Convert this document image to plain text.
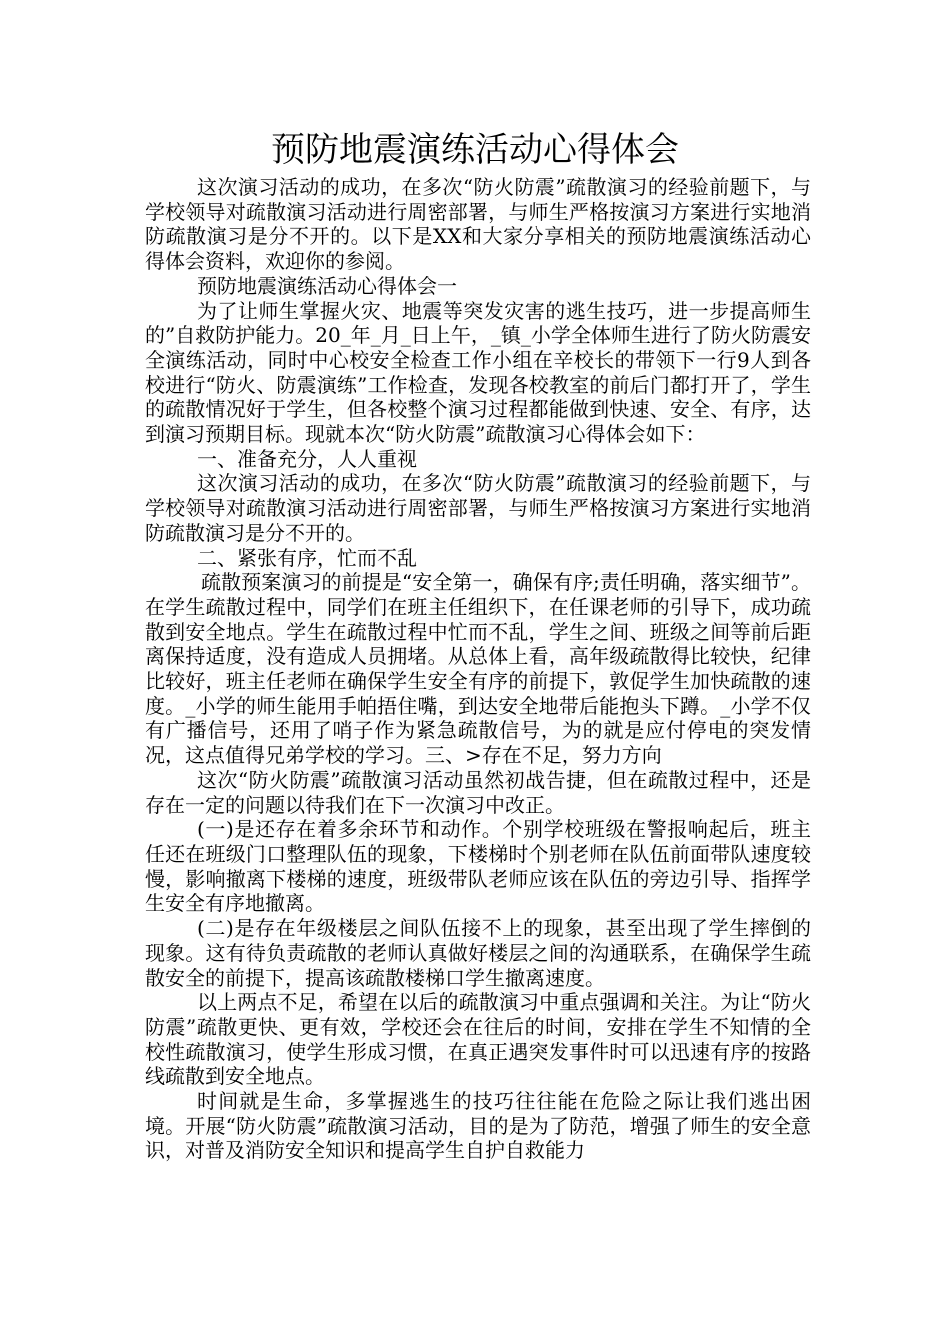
预防地震演练活动心得体会

这次演习活动的成功，在多次“防火防震”疏散演习的经验前题下，与学校领导对疏散演习活动进行周密部署，与师生严格按演习方案进行实地消防疏散演习是分不开的。以下是XX和大家分享相关的预防地震演练活动心得体会资料，欢迎你的参阅。

预防地震演练活动心得体会一

为了让师生掌握火灾、地震等突发灾害的逃生技巧，进一步提高师生的”自救防护能力。20_年_月_日上午，_镇_小学全体师生进行了防火防震安全演练活动，同时中心校安全检查工作小组在辛校长的带领下一行9人到各校进行“防火、防震演练”工作检查，发现各校教室的前后门都打开了，学生的疏散情况好于学生，但各校整个演习过程都能做到快速、安全、有序，达到演习预期目标。现就本次“防火防震”疏散演习心得体会如下：

一、准备充分，人人重视

这次演习活动的成功，在多次“防火防震”疏散演习的经验前题下，与学校领导对疏散演习活动进行周密部署，与师生严格按演习方案进行实地消防疏散演习是分不开的。

二、紧张有序，忙而不乱

疏散预案演习的前提是“安全第一，确保有序;责任明确，落实细节”。在学生疏散过程中，同学们在班主任组织下，在任课老师的引导下，成功疏散到安全地点。学生在疏散过程中忙而不乱，学生之间、班级之间等前后距离保持适度，没有造成人员拥堵。从总体上看，高年级疏散得比较快，纪律比较好，班主任老师在确保学生安全有序的前提下，敦促学生加快疏散的速度。_小学的师生能用手帕捂住嘴，到达安全地带后能抱头下蹲。_小学不仅有广播信号，还用了哨子作为紧急疏散信号，为的就是应付停电的突发情况，这点值得兄弟学校的学习。三、>存在不足，努力方向

这次“防火防震”疏散演习活动虽然初战告捷，但在疏散过程中，还是存在一定的问题以待我们在下一次演习中改正。

(一)是还存在着多余环节和动作。个别学校班级在警报响起后，班主任还在班级门口整理队伍的现象，下楼梯时个别老师在队伍前面带队速度较慢，影响撤离下楼梯的速度，班级带队老师应该在队伍的旁边引导、指挥学生安全有序地撤离。

(二)是存在年级楼层之间队伍接不上的现象，甚至出现了学生摔倒的现象。这有待负责疏散的老师认真做好楼层之间的沟通联系，在确保学生疏散安全的前提下，提高该疏散楼梯口学生撤离速度。

以上两点不足，希望在以后的疏散演习中重点强调和关注。为让“防火防震”疏散更快、更有效，学校还会在往后的时间，安排在学生不知情的全校性疏散演习，使学生形成习惯，在真正遇突发事件时可以迅速有序的按路线疏散到安全地点。

时间就是生命，多掌握逃生的技巧往往能在危险之际让我们逃出困境。开展“防火防震”疏散演习活动，目的是为了防范，增强了师生的安全意识，对普及消防安全知识和提高学生自护自救能力
